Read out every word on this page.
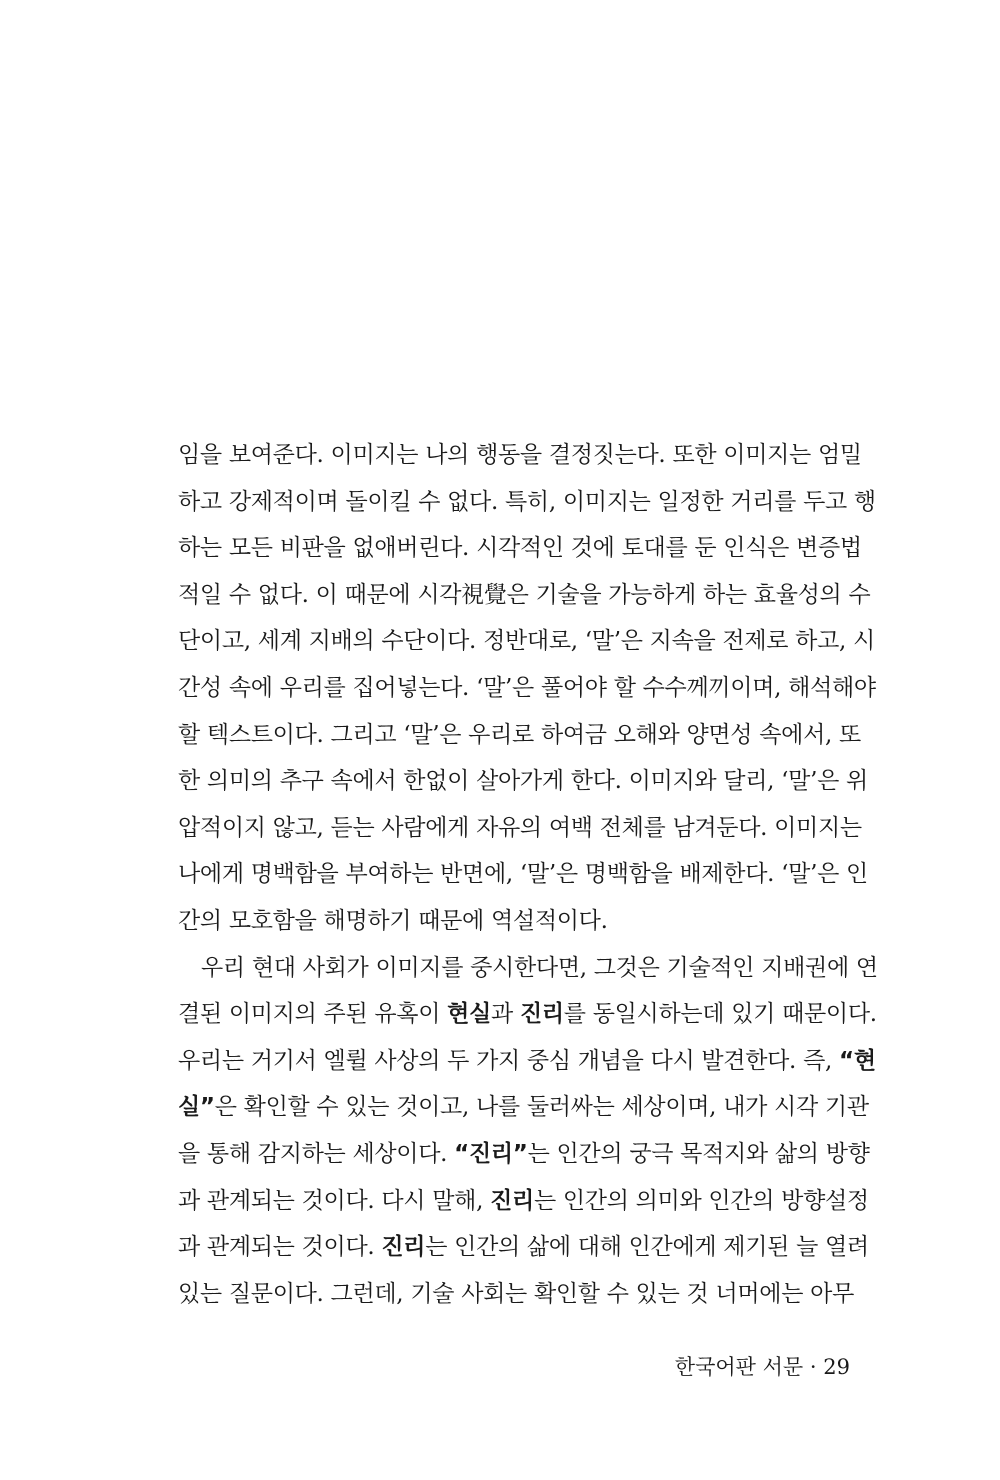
임을 보여준다. 이미지는 나의 행동을 결정짓는다. 또한 이미지는 엄밀
하고 강제적이며 돌이킬 수 없다. 특히, 이미지는 일정한 거리를 두고 행
하는 모든 비판을 없애버린다. 시각적인 것에 토대를 둔 인식은 변증법
적일 수 없다. 이 때문에 시각視覺은 기술을 가능하게 하는 효율성의 수
단이고, 세계 지배의 수단이다. 정반대로, ‘말’은 지속을 전제로 하고, 시
간성 속에 우리를 집어넣는다. ‘말’은 풀어야 할 수수께끼이며, 해석해야
할 텍스트이다. 그리고 ‘말’은 우리로 하여금 오해와 양면성 속에서, 또
한 의미의 추구 속에서 한없이 살아가게 한다. 이미지와 달리, ‘말’은 위
압적이지 않고, 듣는 사람에게 자유의 여백 전체를 남겨둔다. 이미지는
나에게 명백함을 부여하는 반면에, ‘말’은 명백함을 배제한다. ‘말’은 인
간의 모호함을 해명하기 때문에 역설적이다.
우리 현대 사회가 이미지를 중시한다면, 그것은 기술적인 지배권에 연
결된 이미지의 주된 유혹이 현실과 진리를 동일시하는데 있기 때문이다.
우리는 거기서 엘륄 사상의 두 가지 중심 개념을 다시 발견한다. 즉, “현
실”은 확인할 수 있는 것이고, 나를 둘러싸는 세상이며, 내가 시각 기관
을 통해 감지하는 세상이다. “진리”는 인간의 궁극 목적지와 삶의 방향
과 관계되는 것이다. 다시 말해, 진리는 인간의 의미와 인간의 방향설정
과 관계되는 것이다. 진리는 인간의 삶에 대해 인간에게 제기된 늘 열려
있는 질문이다. 그런데, 기술 사회는 확인할 수 있는 것 너머에는 아무
한국어판 서문 · 29
